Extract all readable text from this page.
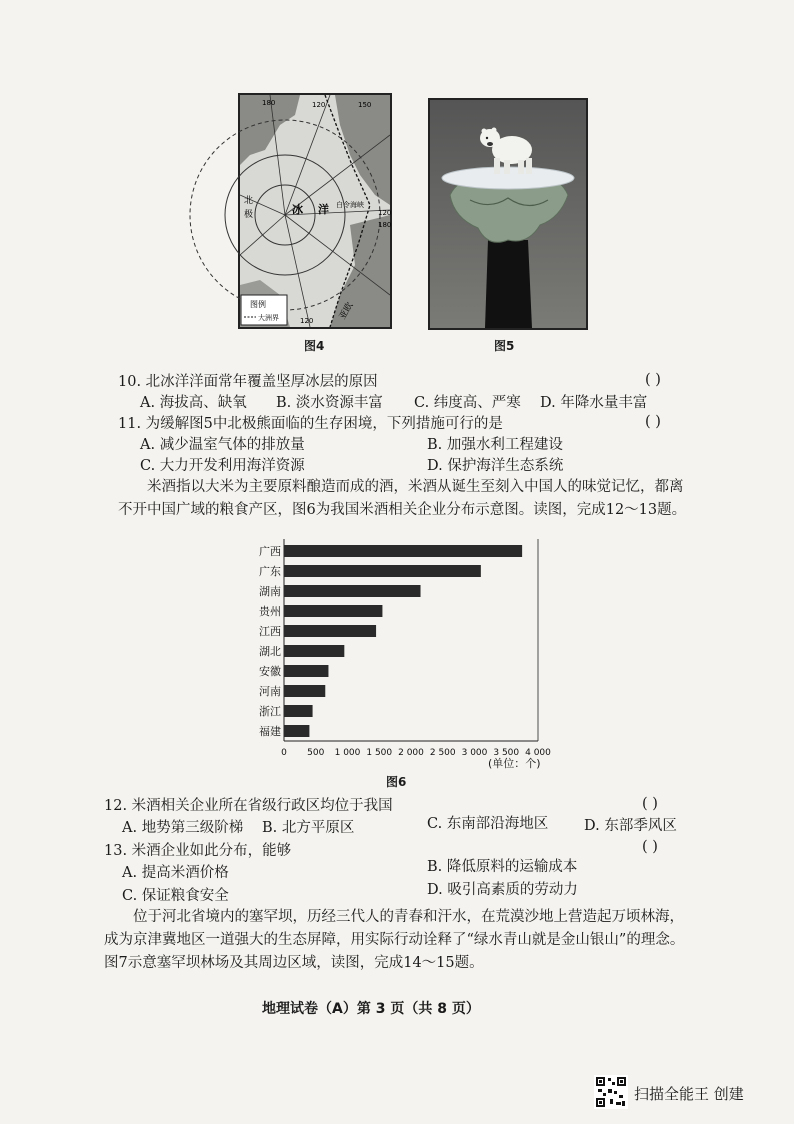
180	120	150
120
北
极	冰 洋 白令海峡
180
120	亚欧
图例
大洲界
图4	图5
10. 北冰洋洋面常年覆盖坚厚冰层的原因	( )
A. 海拔高、缺氧 B. 淡水资源丰富 C. 纬度高、严寒 D. 年降水量丰富
11. 为缓解图5中北极熊面临的生存困境，下列措施可行的是	( )
A. 减少温室气体的排放量	B. 加强水利工程建设
C. 大力开发利用海洋资源	D. 保护海洋生态系统
米酒指以大米为主要原料酿造而成的酒，米酒从诞生至刻入中国人的味觉记忆，都离不开中国广域的粮食产区，图6为我国米酒相关企业分布示意图。读图，完成12～13题。
广西
广东
湖南
贵州
江西
湖北
安徽
河南
浙江
福建
0 500 1 000 1 500 2 000 2 500 3 000 3 500 4 000
(单位：个)
图6
12. 米酒相关企业所在省级行政区均位于我国	( )
A. 地势第三级阶梯 B. 北方平原区	C. 东南部沿海地区 D. 东部季风区
13. 米酒企业如此分布，能够	( )
A. 提高米酒价格	B. 降低原料的运输成本
C. 保证粮食安全	D. 吸引高素质的劳动力
位于河北省境内的塞罕坝，历经三代人的青春和汗水，在荒漠沙地上营造起万顷林海，成为京津冀地区一道强大的生态屏障，用实际行动诠释了“绿水青山就是金山银山”的理念。图7示意塞罕坝林场及其周边区域，读图，完成14～15题。
地理试卷（A）第 3 页（共 8 页）
扫描全能王 创建
